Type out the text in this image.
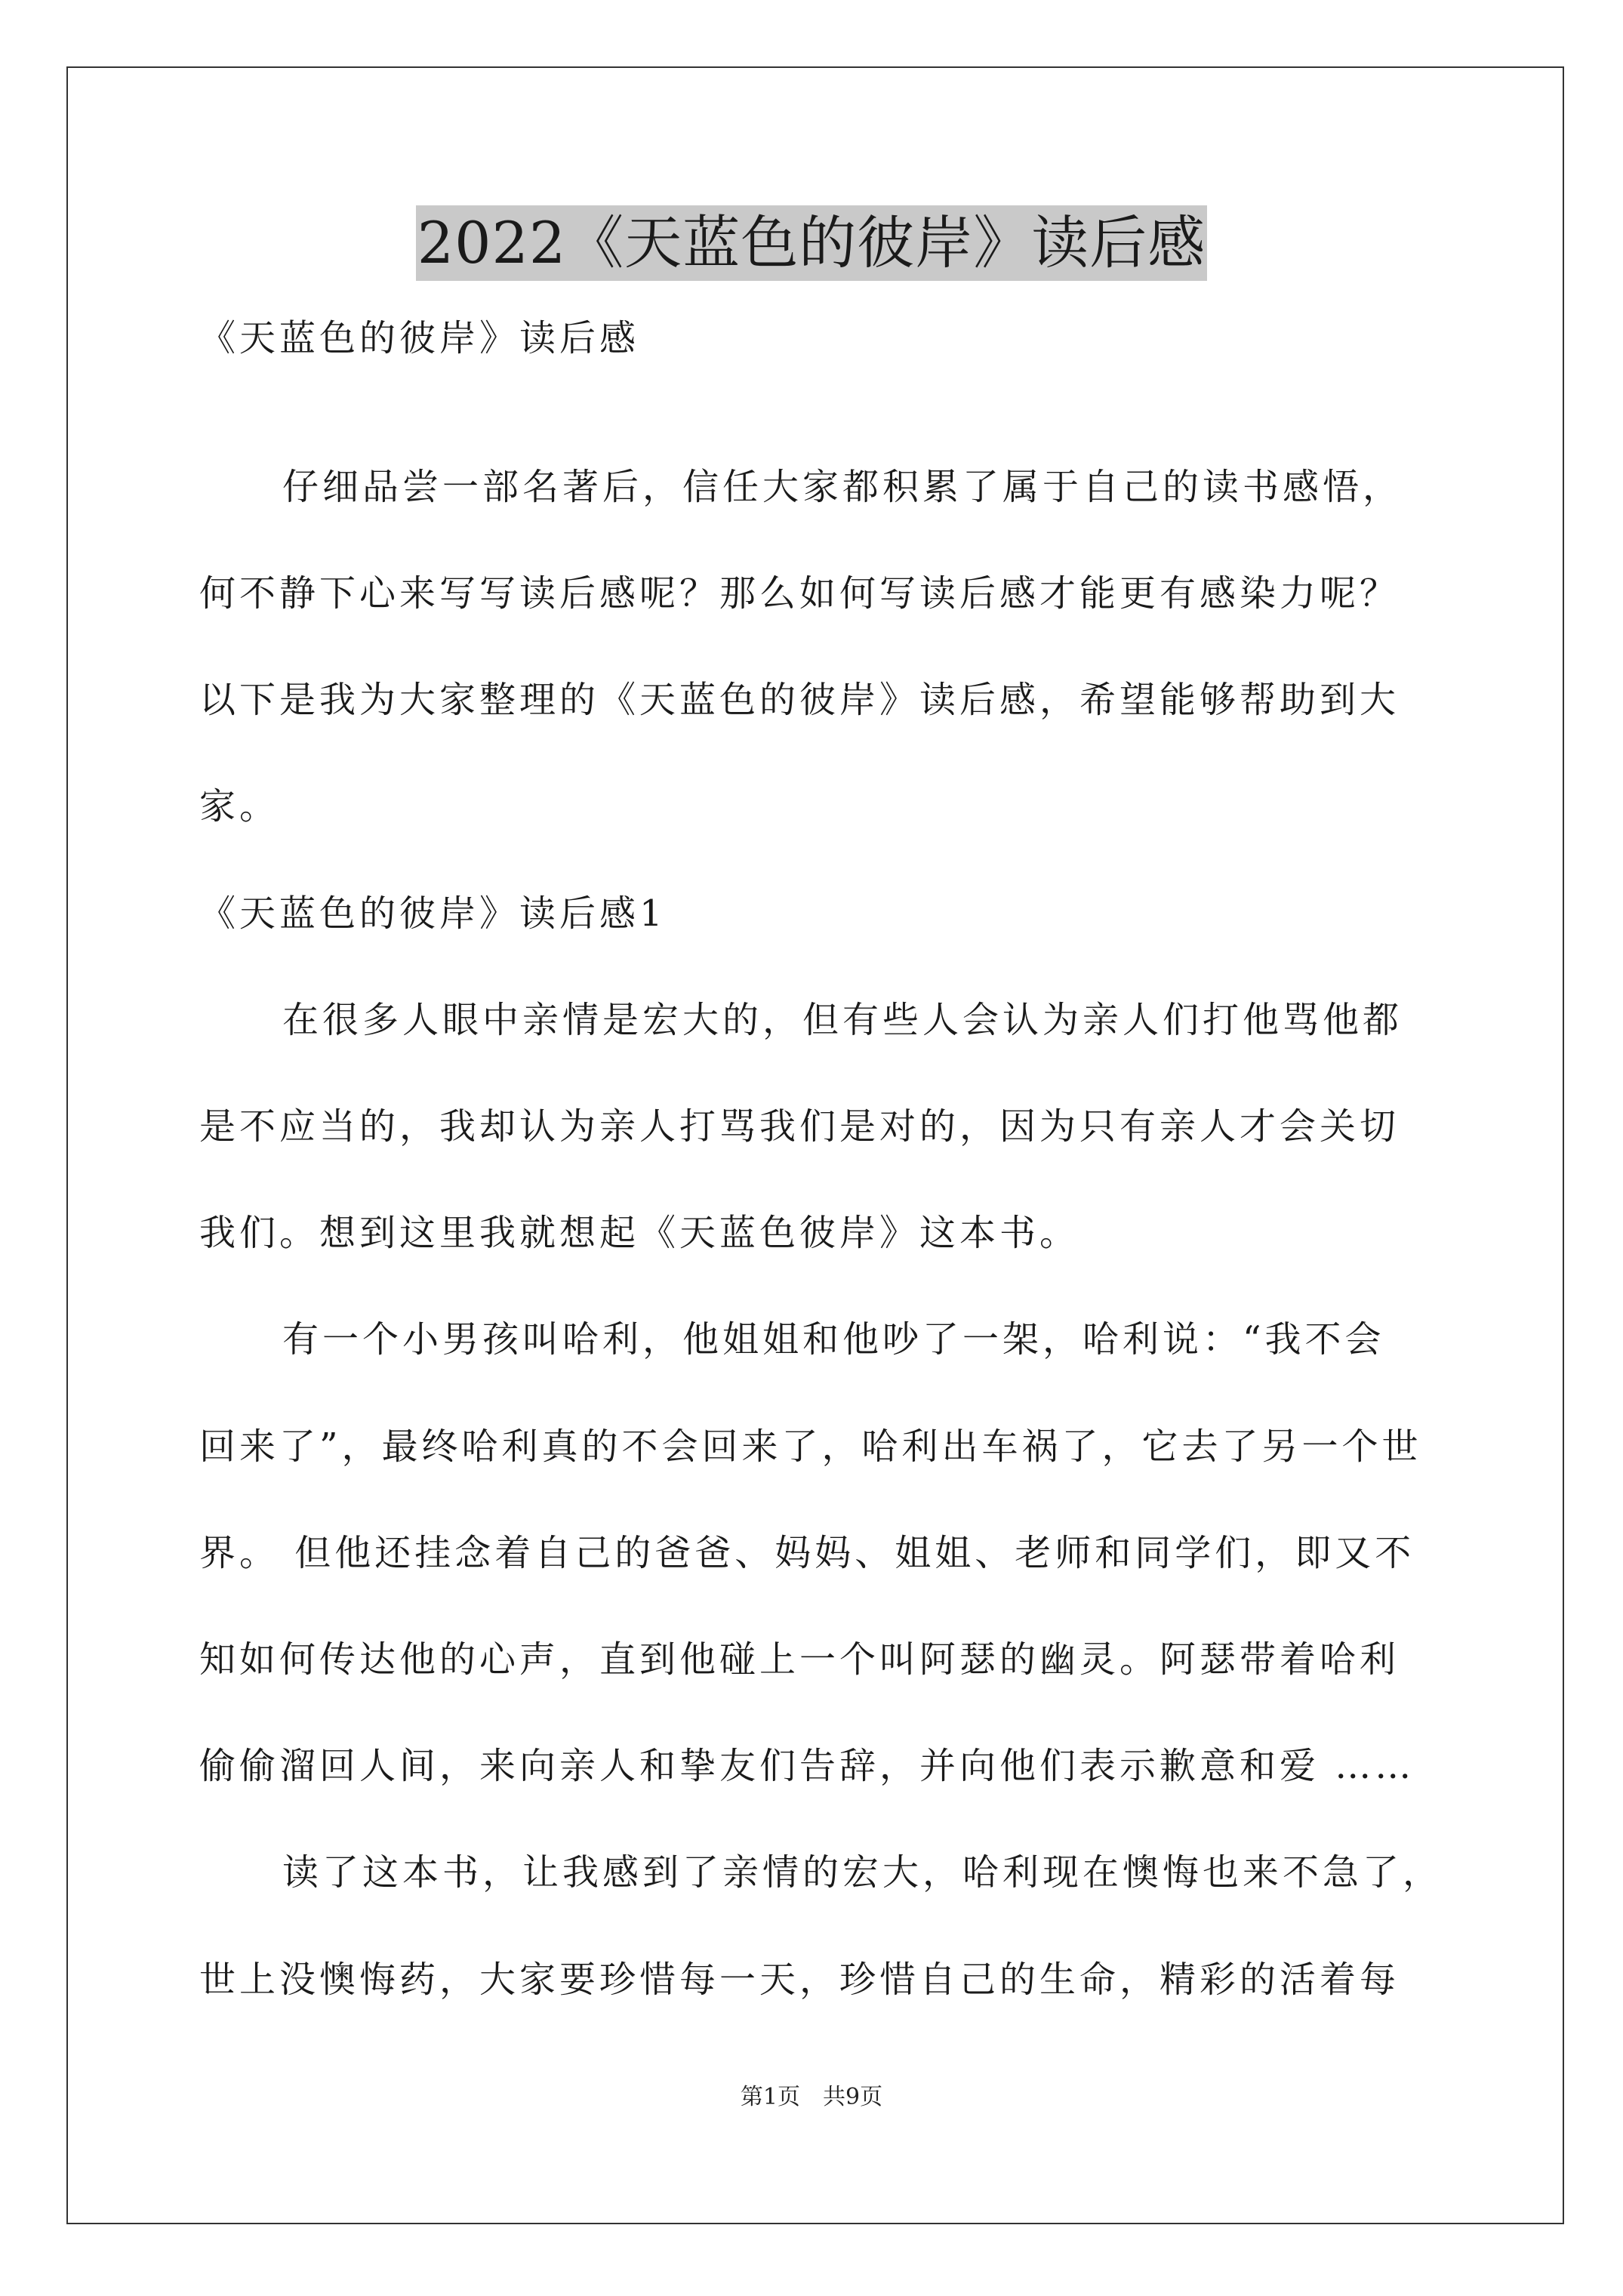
2022《天蓝色的彼岸》读后感
《天蓝色的彼岸》读后感
仔细品尝一部名著后，信任大家都积累了属于自己的读书感悟，
何不静下心来写写读后感呢？那么如何写读后感才能更有感染力呢？
以下是我为大家整理的《天蓝色的彼岸》读后感，希望能够帮助到大
家。
《天蓝色的彼岸》读后感1
在很多人眼中亲情是宏大的，但有些人会认为亲人们打他骂他都
是不应当的，我却认为亲人打骂我们是对的，因为只有亲人才会关切
我们。想到这里我就想起《天蓝色彼岸》这本书。
有一个小男孩叫哈利，他姐姐和他吵了一架，哈利说：“我不会
回来了”，最终哈利真的不会回来了，哈利出车祸了，它去了另一个世
界。 但他还挂念着自己的爸爸、妈妈、姐姐、老师和同学们，即又不
知如何传达他的心声，直到他碰上一个叫阿瑟的幽灵。阿瑟带着哈利
偷偷溜回人间，来向亲人和挚友们告辞，并向他们表示歉意和爱 ……
读了这本书，让我感到了亲情的宏大，哈利现在懊悔也来不急了，
世上没懊悔药，大家要珍惜每一天，珍惜自己的生命，精彩的活着每
第1页　共9页
